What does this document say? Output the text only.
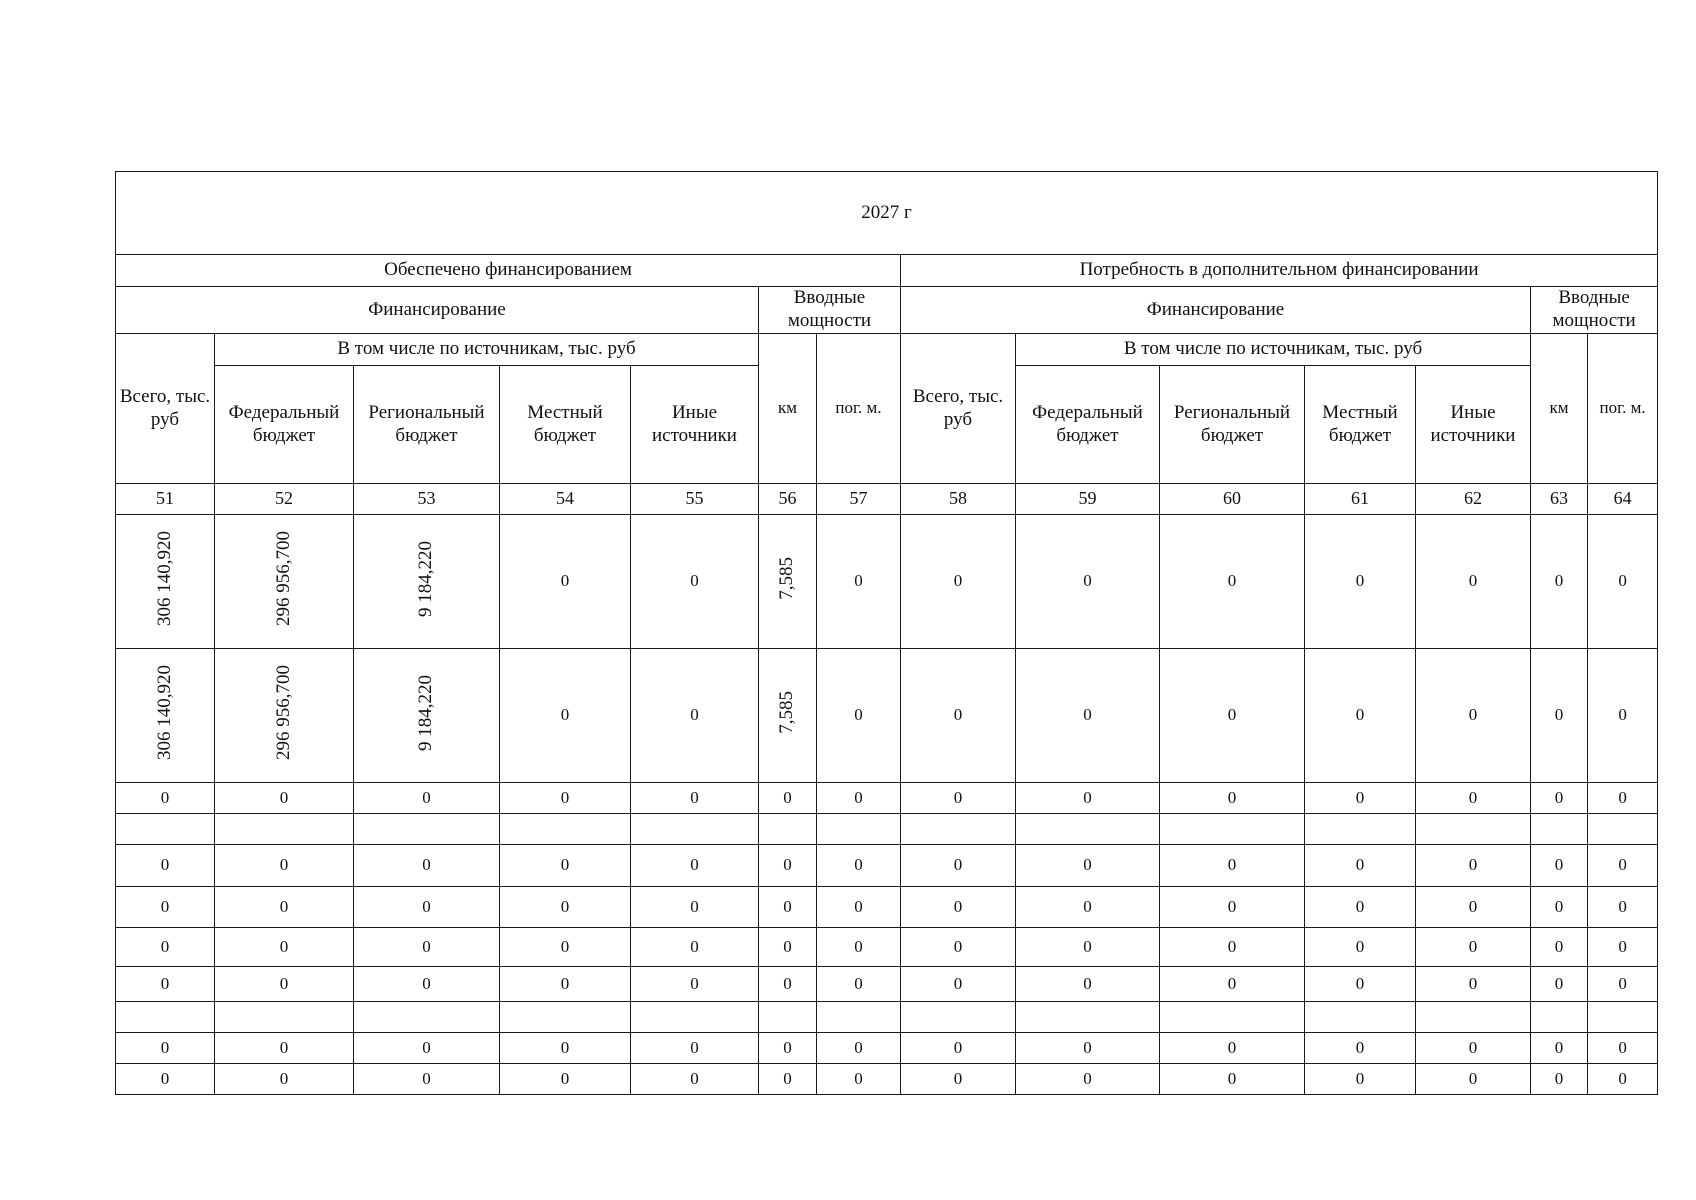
2027 г													
Обеспечено финансированием							Потребность в дополнительном финансировании						
Финансирование					Вводные мощности		Финансирование					Вводные мощности	
Всего, тыс. руб	В том числе по источникам, тыс. руб				км	пог. м.	Всего, тыс. руб	В том числе по источникам, тыс. руб				км	пог. м.
	Федеральный бюджет	Региональный бюджет	Местный бюджет	Иные источники				Федеральный бюджет	Региональный бюджет	Местный бюджет	Иные источники		
51	52	53	54	55	56	57	58	59	60	61	62	63	64
306 140,920	296 956,700	9 184,220	0	0	7,585	0	0	0	0	0	0	0	0
306 140,920	296 956,700	9 184,220	0	0	7,585	0	0	0	0	0	0	0	0
0	0	0	0	0	0	0	0	0	0	0	0	0	0

0	0	0	0	0	0	0	0	0	0	0	0	0	0
0	0	0	0	0	0	0	0	0	0	0	0	0	0
0	0	0	0	0	0	0	0	0	0	0	0	0	0
0	0	0	0	0	0	0	0	0	0	0	0	0	0

0	0	0	0	0	0	0	0	0	0	0	0	0	0
0	0	0	0	0	0	0	0	0	0	0	0	0	0
